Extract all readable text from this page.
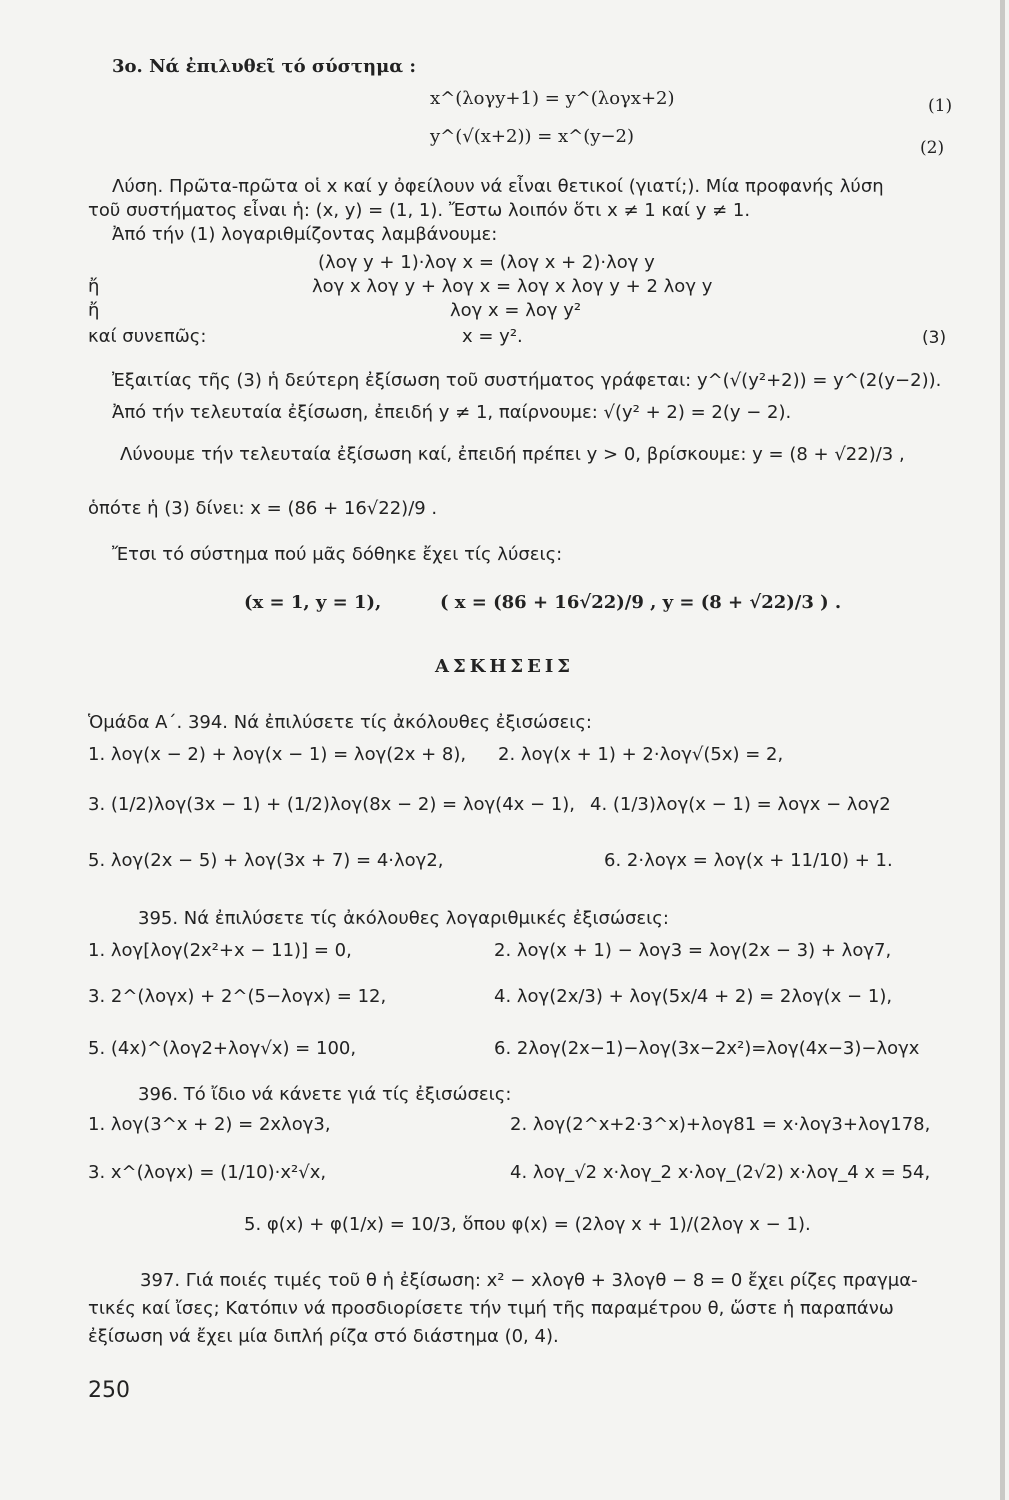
3ο. Νά ἐπιλυθεῖ τό σύστημα :
x^(λογy+1) = y^(λογx+2)	(1)
y^(√(x+2)) = x^(y−2)
(2)
Λύση. Πρῶτα-πρῶτα οἱ x καί y ὀφείλουν νά εἶναι θετικοί (γιατί;). Μία προφανής λύση
τοῦ συστήματος εἶναι ἡ: (x, y) = (1, 1). Ἔστω λοιπόν ὅτι x ≠ 1 καί y ≠ 1.
Ἀπό τήν (1) λογαριθμίζοντας λαμβάνουμε:
(λογ y + 1)·λογ x = (λογ x + 2)·λογ y
ἤ	λογ x λογ y + λογ x = λογ x λογ y + 2 λογ y
ἤ	λογ x = λογ y²
καί συνεπῶς:	x = y².	(3)
Ἐξαιτίας τῆς (3) ἡ δεύτερη ἐξίσωση τοῦ συστήματος γράφεται: y^(√(y²+2)) = y^(2(y−2)).
Ἀπό τήν τελευταία ἐξίσωση, ἐπειδή y ≠ 1, παίρνουμε: √(y² + 2) = 2(y − 2).
Λύνουμε τήν τελευταία ἐξίσωση καί, ἐπειδή πρέπει y > 0, βρίσκουμε: y = (8 + √22)/3 ,
ὁπότε ἡ (3) δίνει: x = (86 + 16√22)/9 .
Ἔτσι τό σύστημα πού μᾶς δόθηκε ἔχει τίς λύσεις:
(x = 1, y = 1),	( x = (86 + 16√22)/9 , y = (8 + √22)/3 ) .
ΑΣΚΗΣΕΙΣ
Ὁμάδα Α΄. 394. Νά ἐπιλύσετε τίς ἀκόλουθες ἐξισώσεις:
1. λογ(x − 2) + λογ(x − 1) = λογ(2x + 8), 2. λογ(x + 1) + 2·λογ√(5x) = 2,
3. (1/2)λογ(3x − 1) + (1/2)λογ(8x − 2) = λογ(4x − 1), 4. (1/3)λογ(x − 1) = λογx − λογ2
5. λογ(2x − 5) + λογ(3x + 7) = 4·λογ2,	6. 2·λογx = λογ(x + 11/10) + 1.
395. Νά ἐπιλύσετε τίς ἀκόλουθες λογαριθμικές ἐξισώσεις:
1. λογ[λογ(2x²+x − 11)] = 0,	2. λογ(x + 1) − λογ3 = λογ(2x − 3) + λογ7,
3. 2^(λογx) + 2^(5−λογx) = 12,	4. λογ(2x/3) + λογ(5x/4 + 2) = 2λογ(x − 1),
5. (4x)^(λογ2+λογ√x) = 100,	6. 2λογ(2x−1)−λογ(3x−2x²)=λογ(4x−3)−λογx
396. Τό ἴδιο νά κάνετε γιά τίς ἐξισώσεις:
1. λογ(3^x + 2) = 2xλογ3,	2. λογ(2^x+2·3^x)+λογ81 = x·λογ3+λογ178,
3. x^(λογx) = (1/10)·x²√x,	4. λογ_√2 x·λογ_2 x·λογ_(2√2) x·λογ_4 x = 54,
5. φ(x) + φ(1/x) = 10/3, ὅπου φ(x) = (2λογ x + 1)/(2λογ x − 1).
397. Γιά ποιές τιμές τοῦ θ ἡ ἐξίσωση: x² − xλογθ + 3λογθ − 8 = 0 ἔχει ρίζες πραγμα-
τικές καί ἴσες; Κατόπιν νά προσδιορίσετε τήν τιμή τῆς παραμέτρου θ, ὥστε ἡ παραπάνω
ἐξίσωση νά ἔχει μία διπλή ρίζα στό διάστημα (0, 4).
250
